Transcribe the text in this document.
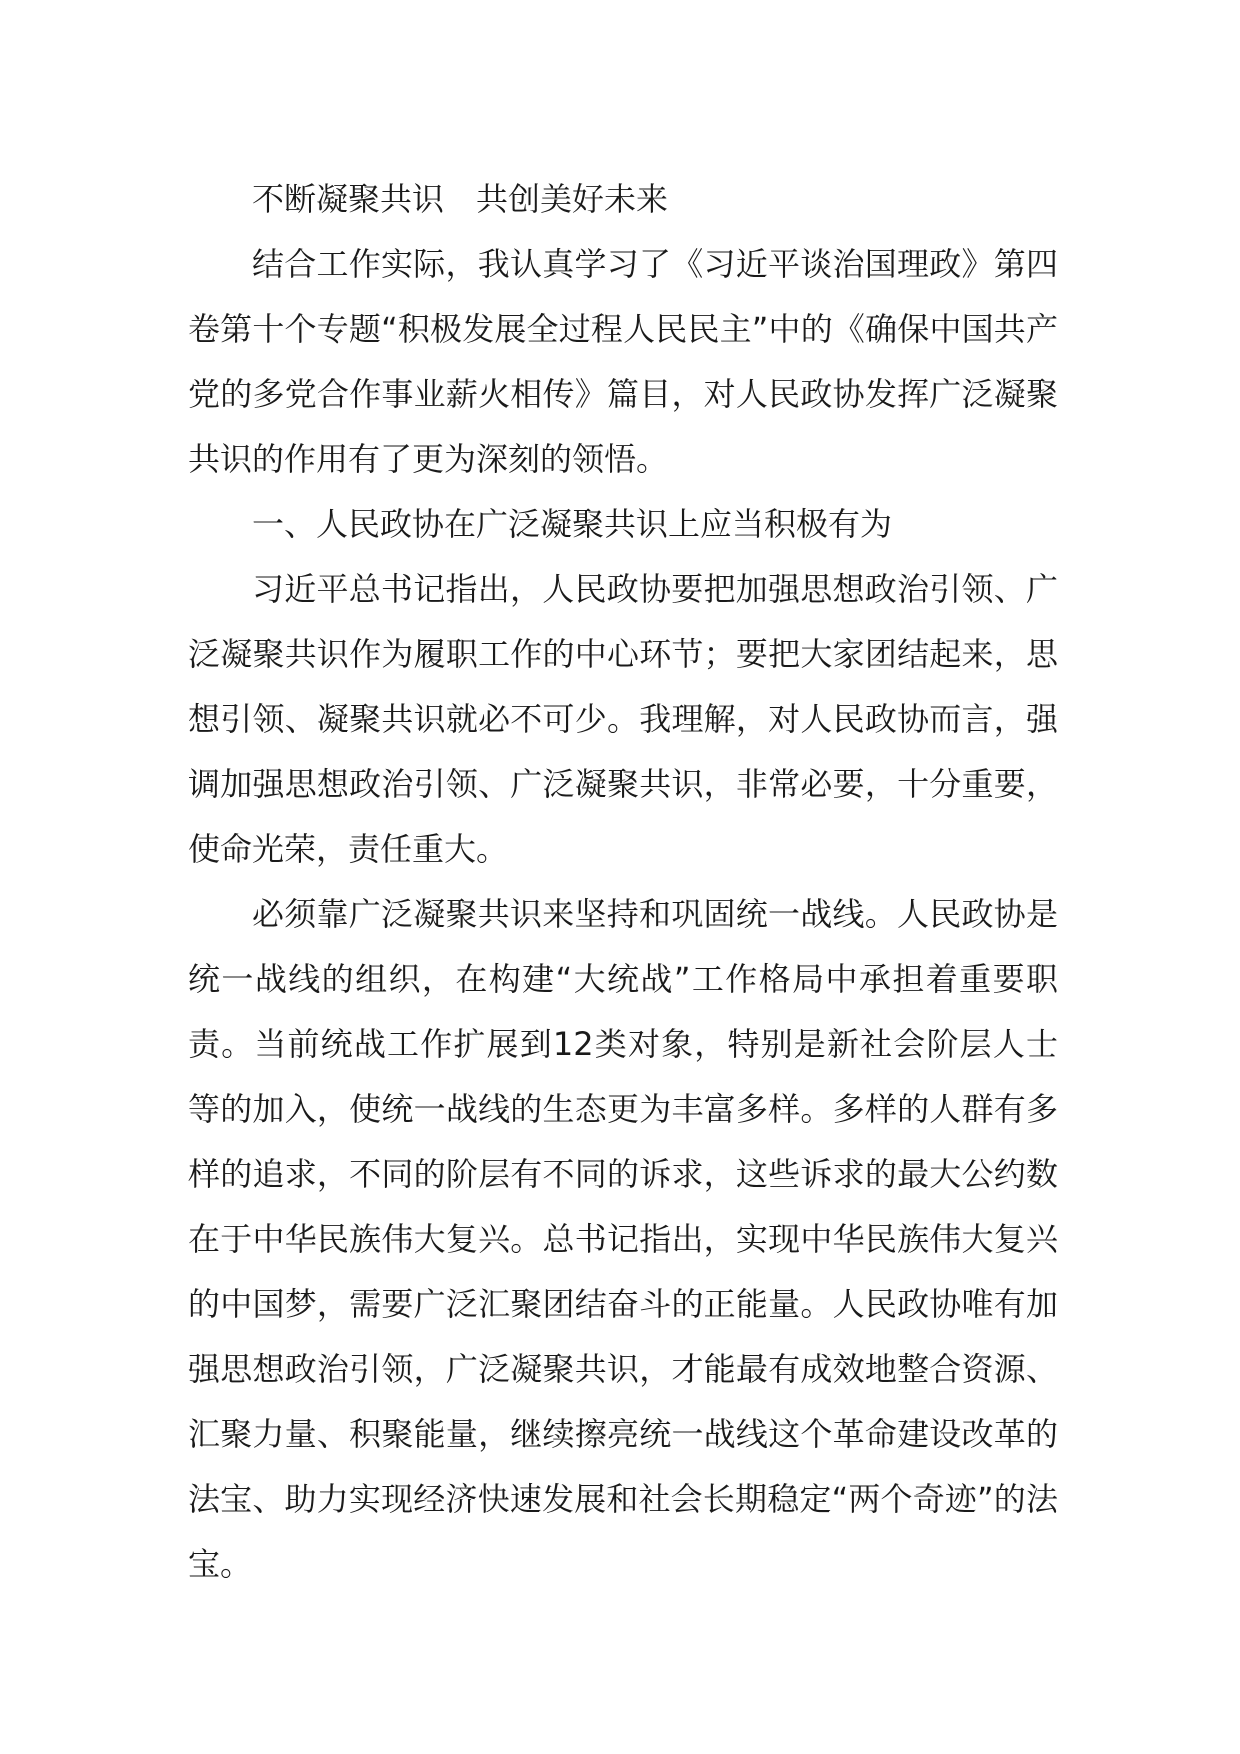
不断凝聚共识　共创美好未来

结合工作实际，我认真学习了《习近平谈治国理政》第四卷第十个专题“积极发展全过程人民民主”中的《确保中国共产党的多党合作事业薪火相传》篇目，对人民政协发挥广泛凝聚共识的作用有了更为深刻的领悟。

一、人民政协在广泛凝聚共识上应当积极有为

习近平总书记指出，人民政协要把加强思想政治引领、广泛凝聚共识作为履职工作的中心环节；要把大家团结起来，思想引领、凝聚共识就必不可少。我理解，对人民政协而言，强调加强思想政治引领、广泛凝聚共识，非常必要，十分重要，使命光荣，责任重大。

必须靠广泛凝聚共识来坚持和巩固统一战线。人民政协是统一战线的组织，在构建“大统战”工作格局中承担着重要职责。当前统战工作扩展到12类对象，特别是新社会阶层人士等的加入，使统一战线的生态更为丰富多样。多样的人群有多样的追求，不同的阶层有不同的诉求，这些诉求的最大公约数在于中华民族伟大复兴。总书记指出，实现中华民族伟大复兴的中国梦，需要广泛汇聚团结奋斗的正能量。人民政协唯有加强思想政治引领，广泛凝聚共识，才能最有成效地整合资源、汇聚力量、积聚能量，继续擦亮统一战线这个革命建设改革的法宝、助力实现经济快速发展和社会长期稳定“两个奇迹”的法宝。
